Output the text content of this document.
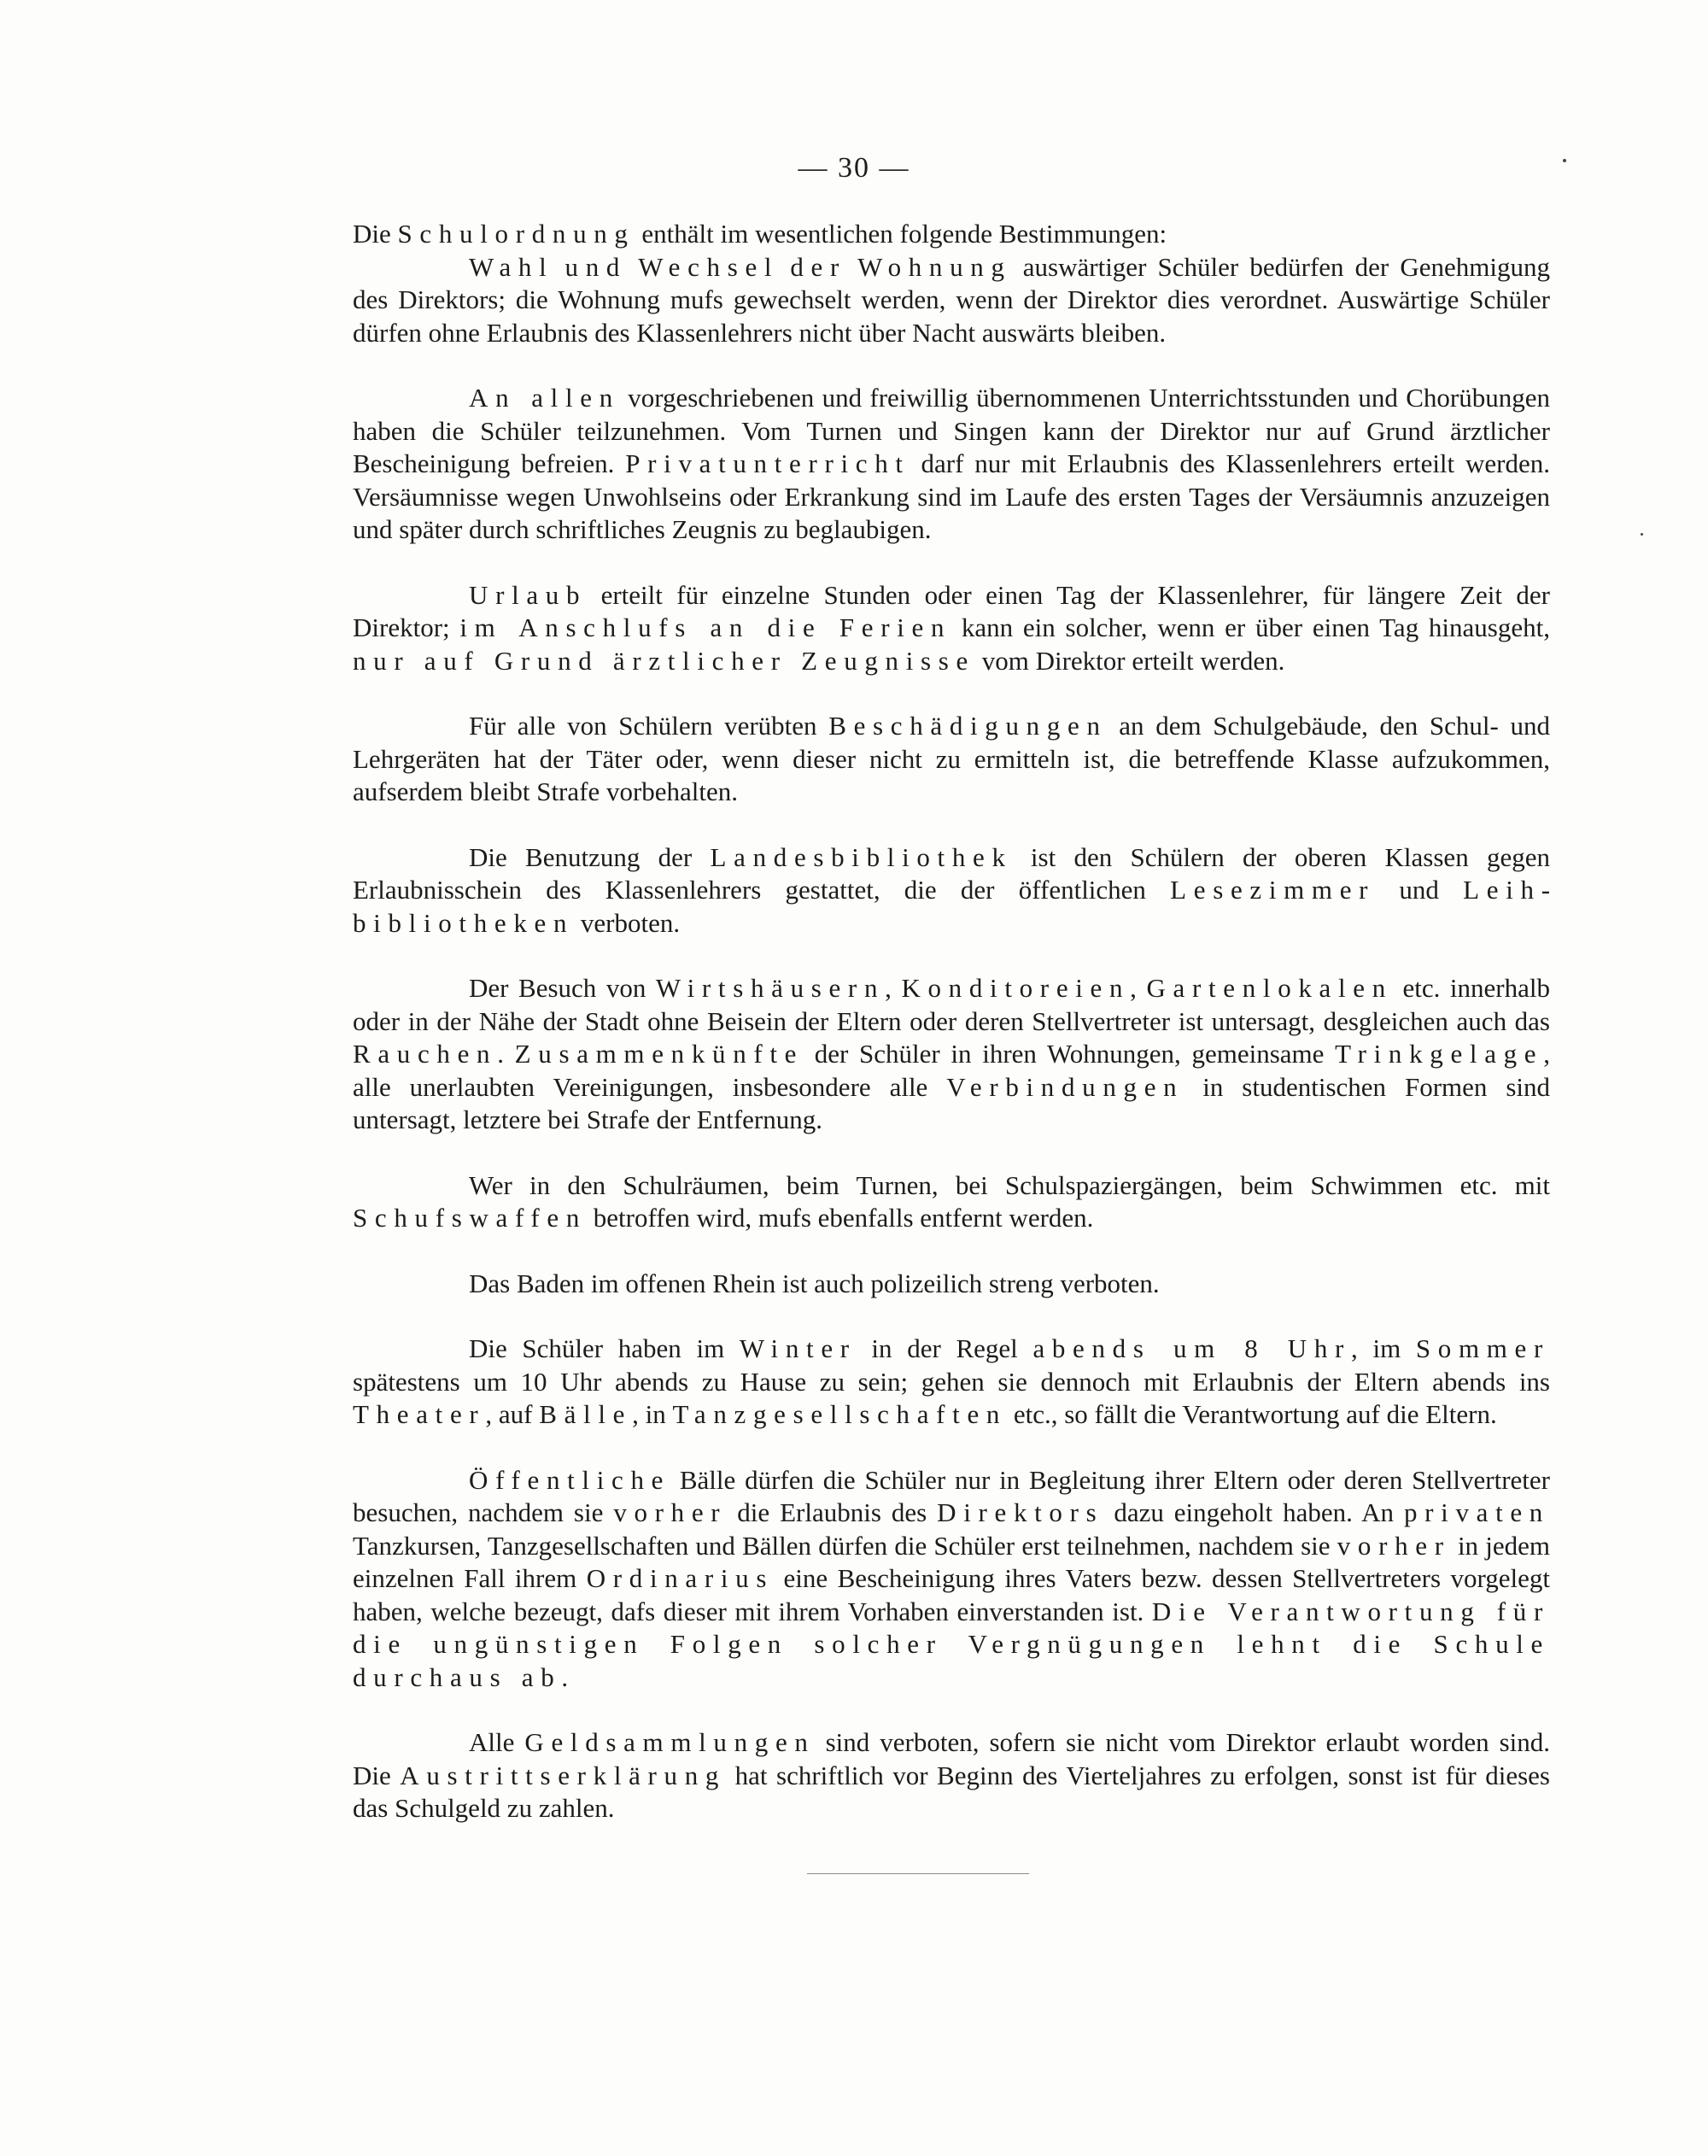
— 30 —

Die Schulordnung enthält im wesentlichen folgende Bestimmungen:

Wahl und Wechsel der Wohnung auswärtiger Schüler bedürfen der Genehmigung des Direktors; die Wohnung mufs gewechselt werden, wenn der Direktor dies verordnet. Auswärtige Schüler dürfen ohne Erlaubnis des Klassenlehrers nicht über Nacht auswärts bleiben.

An allen vorgeschriebenen und freiwillig übernommenen Unterrichtsstunden und Chorübungen haben die Schüler teilzunehmen. Vom Turnen und Singen kann der Direktor nur auf Grund ärztlicher Bescheinigung befreien. Privatunterricht darf nur mit Erlaubnis des Klassenlehrers erteilt werden. Versäumnisse wegen Unwohlseins oder Erkrankung sind im Laufe des ersten Tages der Versäumnis anzuzeigen und später durch schriftliches Zeugnis zu beglaubigen.

Urlaub erteilt für einzelne Stunden oder einen Tag der Klassenlehrer, für längere Zeit der Direktor; im Anschlufs an die Ferien kann ein solcher, wenn er über einen Tag hinausgeht, nur auf Grund ärztlicher Zeugnisse vom Direktor erteilt werden.

Für alle von Schülern verübten Beschädigungen an dem Schulgebäude, den Schul- und Lehrgeräten hat der Täter oder, wenn dieser nicht zu ermitteln ist, die betreffende Klasse aufzukommen, aufserdem bleibt Strafe vorbehalten.

Die Benutzung der Landesbibliothek ist den Schülern der oberen Klassen gegen Erlaubnisschein des Klassenlehrers gestattet, die der öffentlichen Lesezimmer und Leihbibliotheken verboten.

Der Besuch von Wirtshäusern, Konditoreien, Gartenlokalen etc. innerhalb oder in der Nähe der Stadt ohne Beisein der Eltern oder deren Stellvertreter ist untersagt, desgleichen auch das Rauchen. Zusammenkünfte der Schüler in ihren Wohnungen, gemeinsame Trinkgelage, alle unerlaubten Vereinigungen, insbesondere alle Verbindungen in studentischen Formen sind untersagt, letztere bei Strafe der Entfernung.

Wer in den Schulräumen, beim Turnen, bei Schulspaziergängen, beim Schwimmen etc. mit Schufswaffen betroffen wird, mufs ebenfalls entfernt werden.

Das Baden im offenen Rhein ist auch polizeilich streng verboten.

Die Schüler haben im Winter in der Regel abends um 8 Uhr, im Sommer spätestens um 10 Uhr abends zu Hause zu sein; gehen sie dennoch mit Erlaubnis der Eltern abends ins Theater, auf Bälle, in Tanzgesellschaften etc., so fällt die Verantwortung auf die Eltern.

Öffentliche Bälle dürfen die Schüler nur in Begleitung ihrer Eltern oder deren Stellvertreter besuchen, nachdem sie vorher die Erlaubnis des Direktors dazu eingeholt haben. An privaten Tanzkursen, Tanzgesellschaften und Bällen dürfen die Schüler erst teilnehmen, nachdem sie vorher in jedem einzelnen Fall ihrem Ordinarius eine Bescheinigung ihres Vaters bezw. dessen Stellvertreters vorgelegt haben, welche bezeugt, dafs dieser mit ihrem Vorhaben einverstanden ist. Die Verantwortung für die ungünstigen Folgen solcher Vergnügungen lehnt die Schule durchaus ab.

Alle Geldsammlungen sind verboten, sofern sie nicht vom Direktor erlaubt worden sind. Die Austrittserklärung hat schriftlich vor Beginn des Vierteljahres zu erfolgen, sonst ist für dieses das Schulgeld zu zahlen.
